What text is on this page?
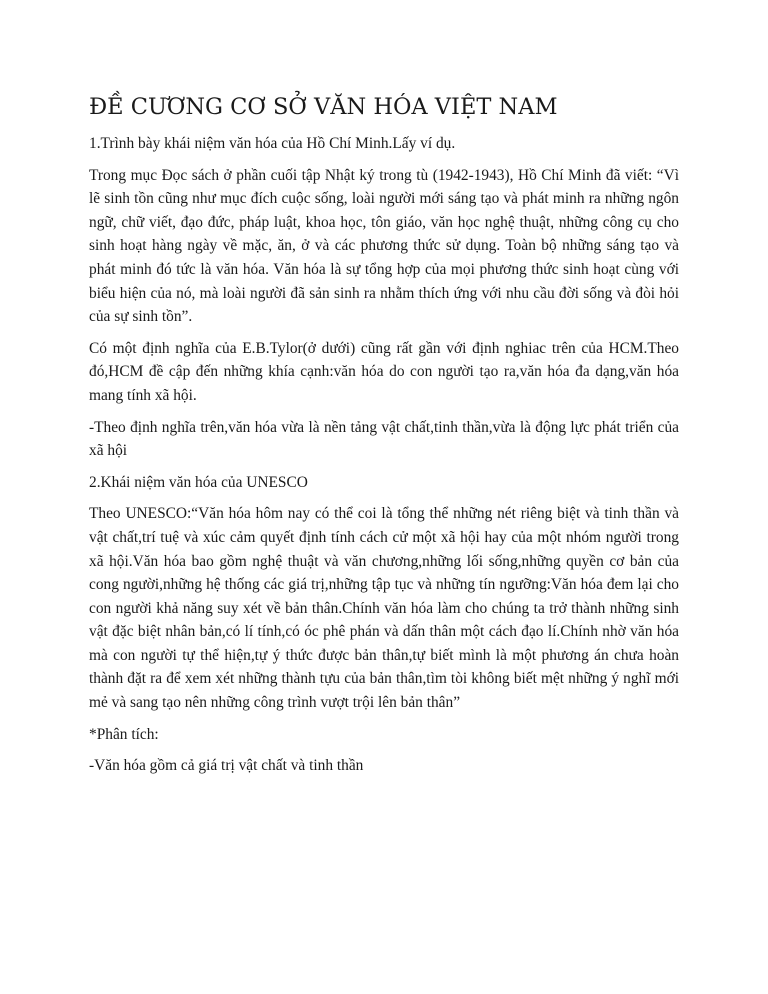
ĐỀ CƯƠNG CƠ SỞ VĂN HÓA VIỆT NAM

1.Trình bày khái niệm văn hóa của Hồ Chí Minh.Lấy ví dụ.

Trong mục Đọc sách ở phần cuối tập Nhật ký trong tù (1942-1943), Hồ Chí Minh đã viết: “Vì lẽ sinh tồn cũng như mục đích cuộc sống, loài người mới sáng tạo và phát minh ra những ngôn ngữ, chữ viết, đạo đức, pháp luật, khoa học, tôn giáo, văn học nghệ thuật, những công cụ cho sinh hoạt hàng ngày về mặc, ăn, ở và các phương thức sử dụng. Toàn bộ những sáng tạo và phát minh đó tức là văn hóa. Văn hóa là sự tổng hợp của mọi phương thức sinh hoạt cùng với biểu hiện của nó, mà loài người đã sản sinh ra nhằm thích ứng với nhu cầu đời sống và đòi hỏi của sự sinh tồn”.

Có một định nghĩa của E.B.Tylor(ở dưới) cũng rất gần với định nghiac trên của HCM.Theo đó,HCM đề cập đến những khía cạnh:văn hóa do con người tạo ra,văn hóa đa dạng,văn hóa mang tính xã hội.

-Theo định nghĩa trên,văn hóa vừa là nền tảng vật chất,tinh thần,vừa là động lực phát triển của xã hội

2.Khái niệm văn hóa của UNESCO

Theo UNESCO:“Văn hóa hôm nay có thể coi là tổng thể những nét riêng biệt và tinh thần và vật chất,trí tuệ và xúc cảm quyết định tính cách cử một xã hội hay của một nhóm người trong xã hội.Văn hóa bao gồm nghệ thuật và văn chương,những lối sống,những quyền cơ bản của cong người,những hệ thống các giá trị,những tập tục và những tín ngưỡng:Văn hóa đem lại cho con người khả năng suy xét về bản thân.Chính văn hóa làm cho chúng ta trở thành những sinh vật đặc biệt nhân bản,có lí tính,có óc phê phán và dấn thân một cách đạo lí.Chính nhờ văn hóa mà con người tự thể hiện,tự ý thức được bản thân,tự biết mình là một phương án chưa hoàn thành đặt ra để xem xét những thành tựu của bản thân,tìm tòi không biết mệt những ý nghĩ mới mẻ và sang tạo nên những công trình vượt trội lên bản thân”

*Phân tích:

-Văn hóa gồm cả giá trị vật chất và tinh thần
